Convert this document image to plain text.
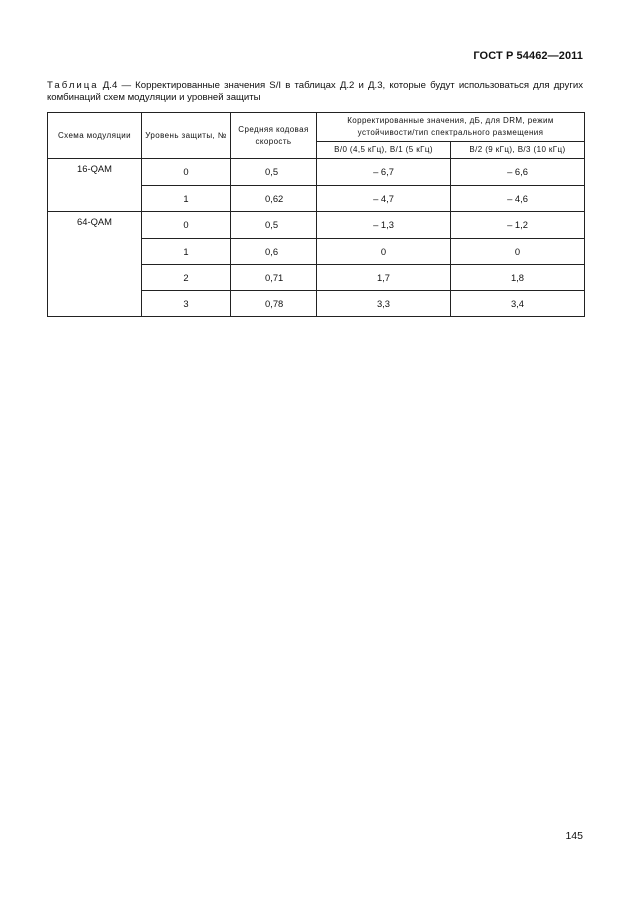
ГОСТ Р 54462—2011
Таблица Д.4 — Корректированные значения S/I в таблицах Д.2 и Д.3, которые будут использоваться для других комбинаций схем модуляции и уровней защиты
Схема модуляции	Уровень защиты, №	Средняя кодовая скорость	Корректированные значения, дБ, для DRM, режим устойчивости/тип спектрального размещения	
			B/0 (4,5 кГц), B/1 (5 кГц)	B/2 (9 кГц), B/3 (10 кГц)
16-QAM	0	0,5	– 6,7	– 6,6
	1	0,62	– 4,7	– 4,6
64-QAM	0	0,5	– 1,3	– 1,2
	1	0,6	0	0
	2	0,71	1,7	1,8
	3	0,78	3,3	3,4
145
